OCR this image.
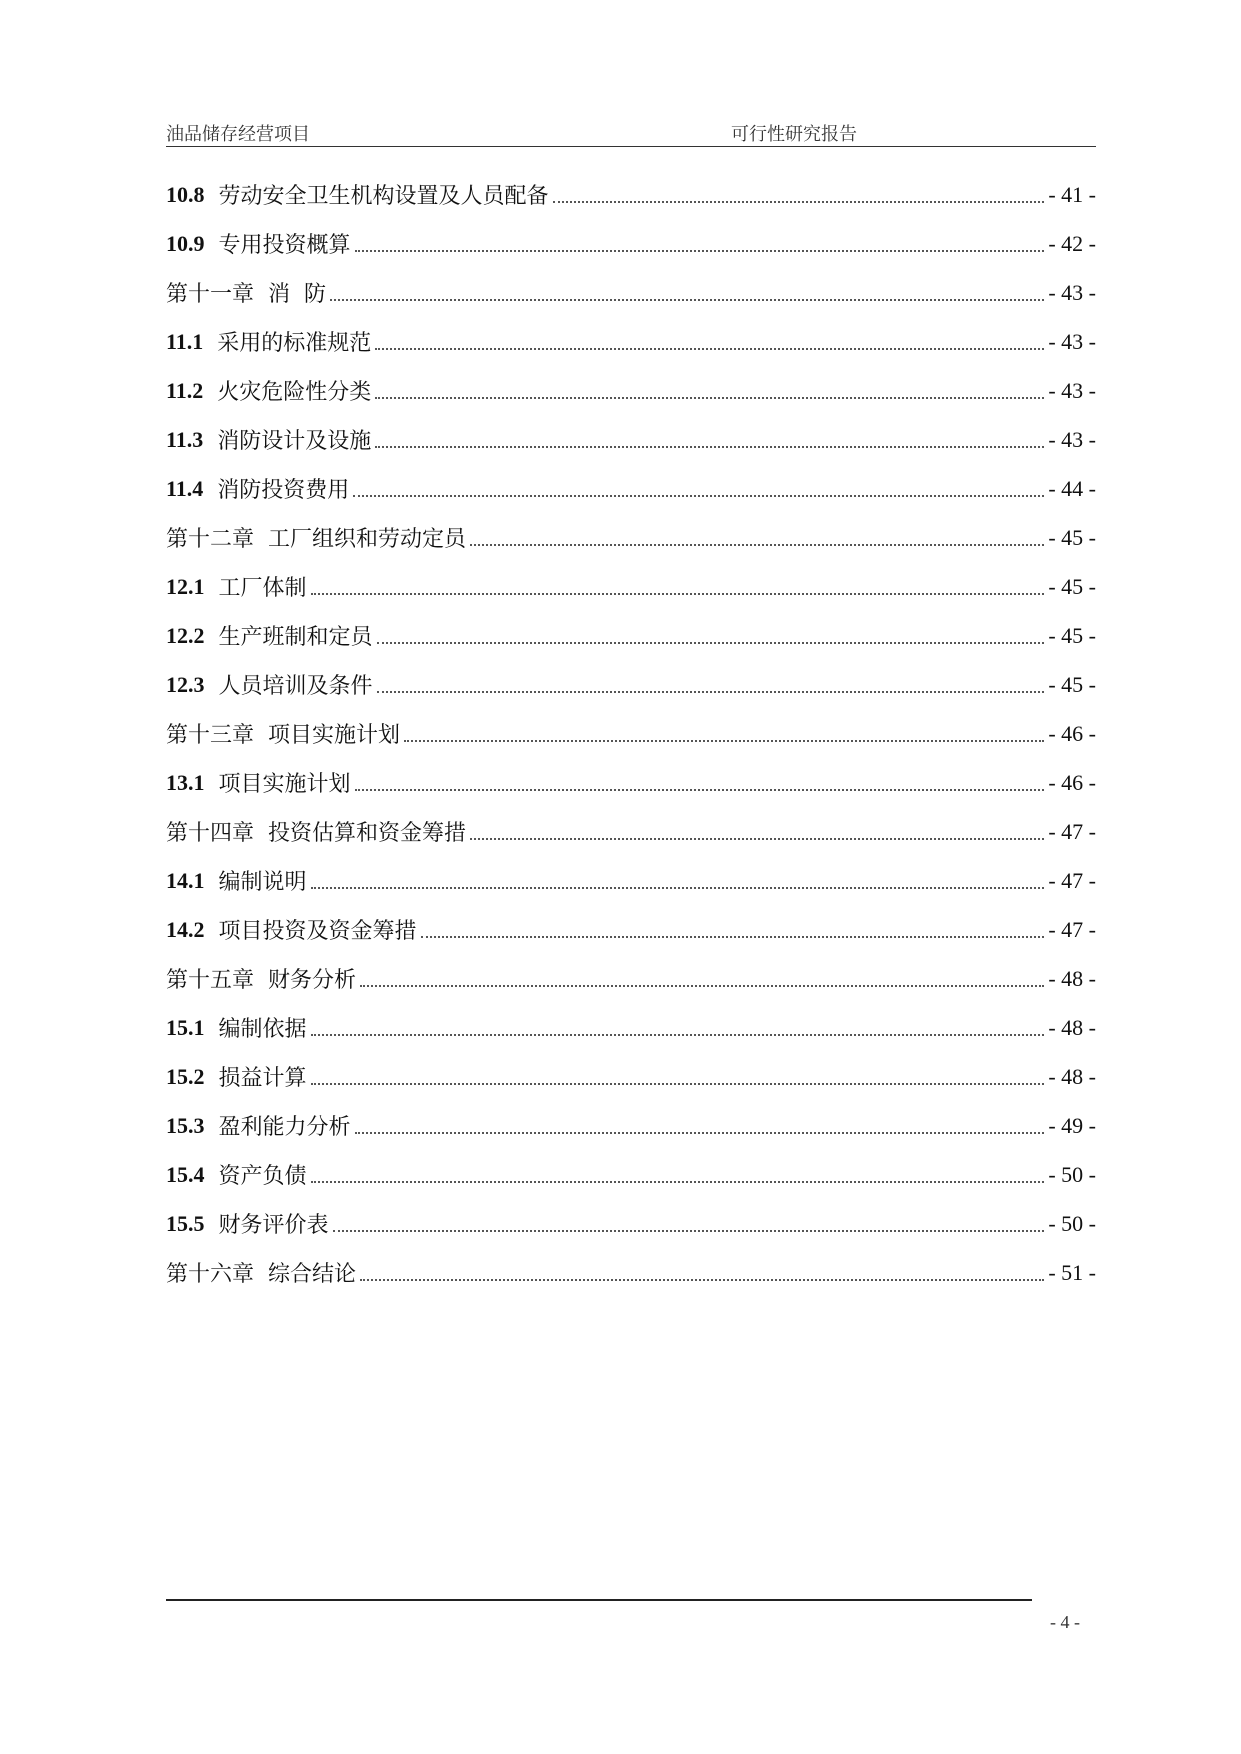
油品储存经营项目	可行性研究报告
10.8 劳动安全卫生机构设置及人员配备	- 41 -
10.9 专用投资概算	- 42 -
第十一章  消  防	- 43 -
11.1 采用的标准规范	- 43 -
11.2 火灾危险性分类	- 43 -
11.3 消防设计及设施	- 43 -
11.4 消防投资费用	- 44 -
第十二章  工厂组织和劳动定员	- 45 -
12.1 工厂体制	- 45 -
12.2 生产班制和定员	- 45 -
12.3 人员培训及条件	- 45 -
第十三章  项目实施计划	- 46 -
13.1 项目实施计划	- 46 -
第十四章  投资估算和资金筹措	- 47 -
14.1 编制说明	- 47 -
14.2 项目投资及资金筹措	- 47 -
第十五章  财务分析	- 48 -
15.1 编制依据	- 48 -
15.2 损益计算	- 48 -
15.3 盈利能力分析	- 49 -
15.4 资产负债	- 50 -
15.5 财务评价表	- 50 -
第十六章  综合结论	- 51 -
- 4 -
